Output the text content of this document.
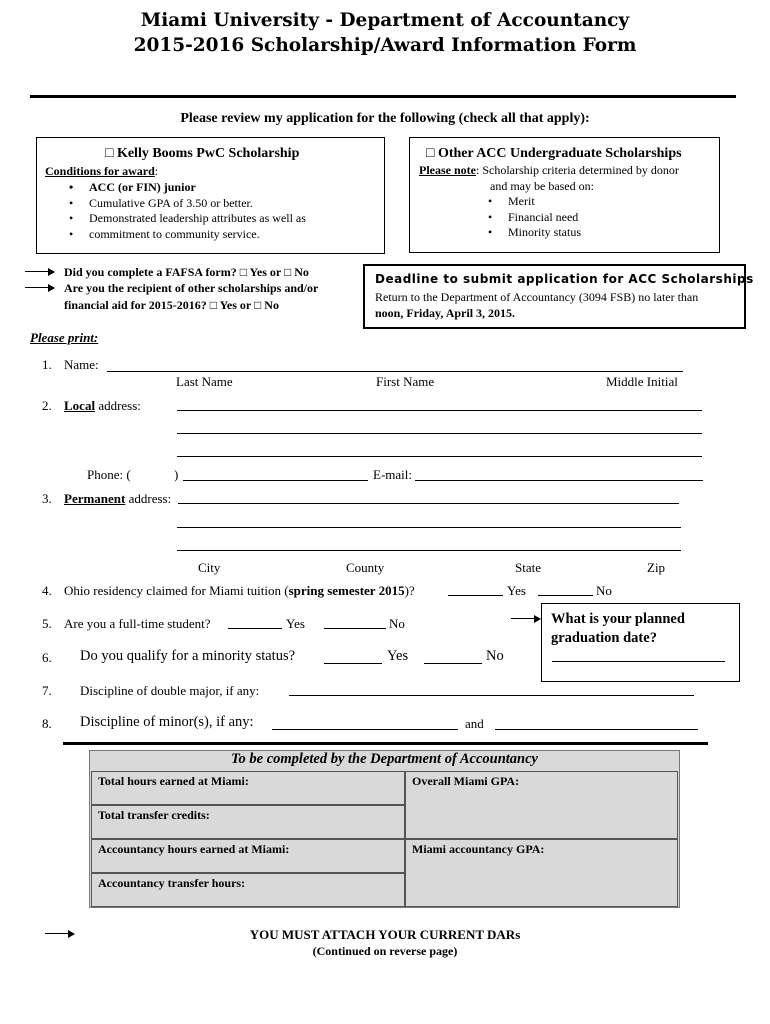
Miami University - Department of Accountancy
2015-2016 Scholarship/Award Information Form
Please review my application for the following (check all that apply):
□ Kelly Booms PwC Scholarship
Conditions for award:
• ACC (or FIN) junior
• Cumulative GPA of 3.50 or better.
• Demonstrated leadership attributes as well as
• commitment to community service.
□ Other ACC Undergraduate Scholarships
Please note: Scholarship criteria determined by donor
and may be based on:
• Merit
• Financial need
• Minority status
Did you complete a FAFSA form? □ Yes or □ No
Are you the recipient of other scholarships and/or
financial aid for 2015-2016? □ Yes or □ No
Deadline to submit application for ACC Scholarships
Return to the Department of Accountancy (3094 FSB) no later than
noon, Friday, April 3, 2015.
Please print:
1. Name:
Last Name	First Name	Middle Initial
2. Local address:
Phone: (	)	E-mail:
3. Permanent address:
City	County	State	Zip
4. Ohio residency claimed for Miami tuition (spring semester 2015)?	Yes	No
5. Are you a full-time student?	Yes	No	What is your planned
graduation date?
6. Do you qualify for a minority status?	Yes	No
7. Discipline of double major, if any:
8. Discipline of minor(s), if any:	and
To be completed by the Department of Accountancy
Total hours earned at Miami:	Overall Miami GPA:
Total transfer credits:
Accountancy hours earned at Miami:	Miami accountancy GPA:
Accountancy transfer hours:
YOU MUST ATTACH YOUR CURRENT DARs
(Continued on reverse page)
